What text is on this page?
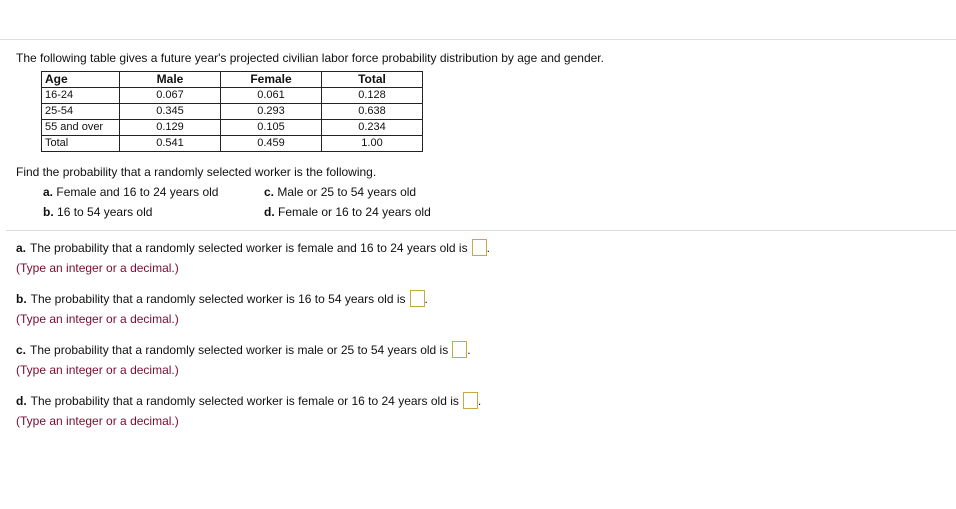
The following table gives a future year's projected civilian labor force probability distribution by age and gender.
Age	Male	Female	Total
16-24	0.067	0.061	0.128
25-54	0.345	0.293	0.638
55 and over	0.129	0.105	0.234
Total	0.541	0.459	1.00
Find the probability that a randomly selected worker is the following.
a. Female and 16 to 24 years old
b. 16 to 54 years old
c. Male or 25 to 54 years old
d. Female or 16 to 24 years old
a. The probability that a randomly selected worker is female and 16 to 24 years old is .
(Type an integer or a decimal.)
b. The probability that a randomly selected worker is 16 to 54 years old is .
(Type an integer or a decimal.)
c. The probability that a randomly selected worker is male or 25 to 54 years old is .
(Type an integer or a decimal.)
d. The probability that a randomly selected worker is female or 16 to 24 years old is .
(Type an integer or a decimal.)
